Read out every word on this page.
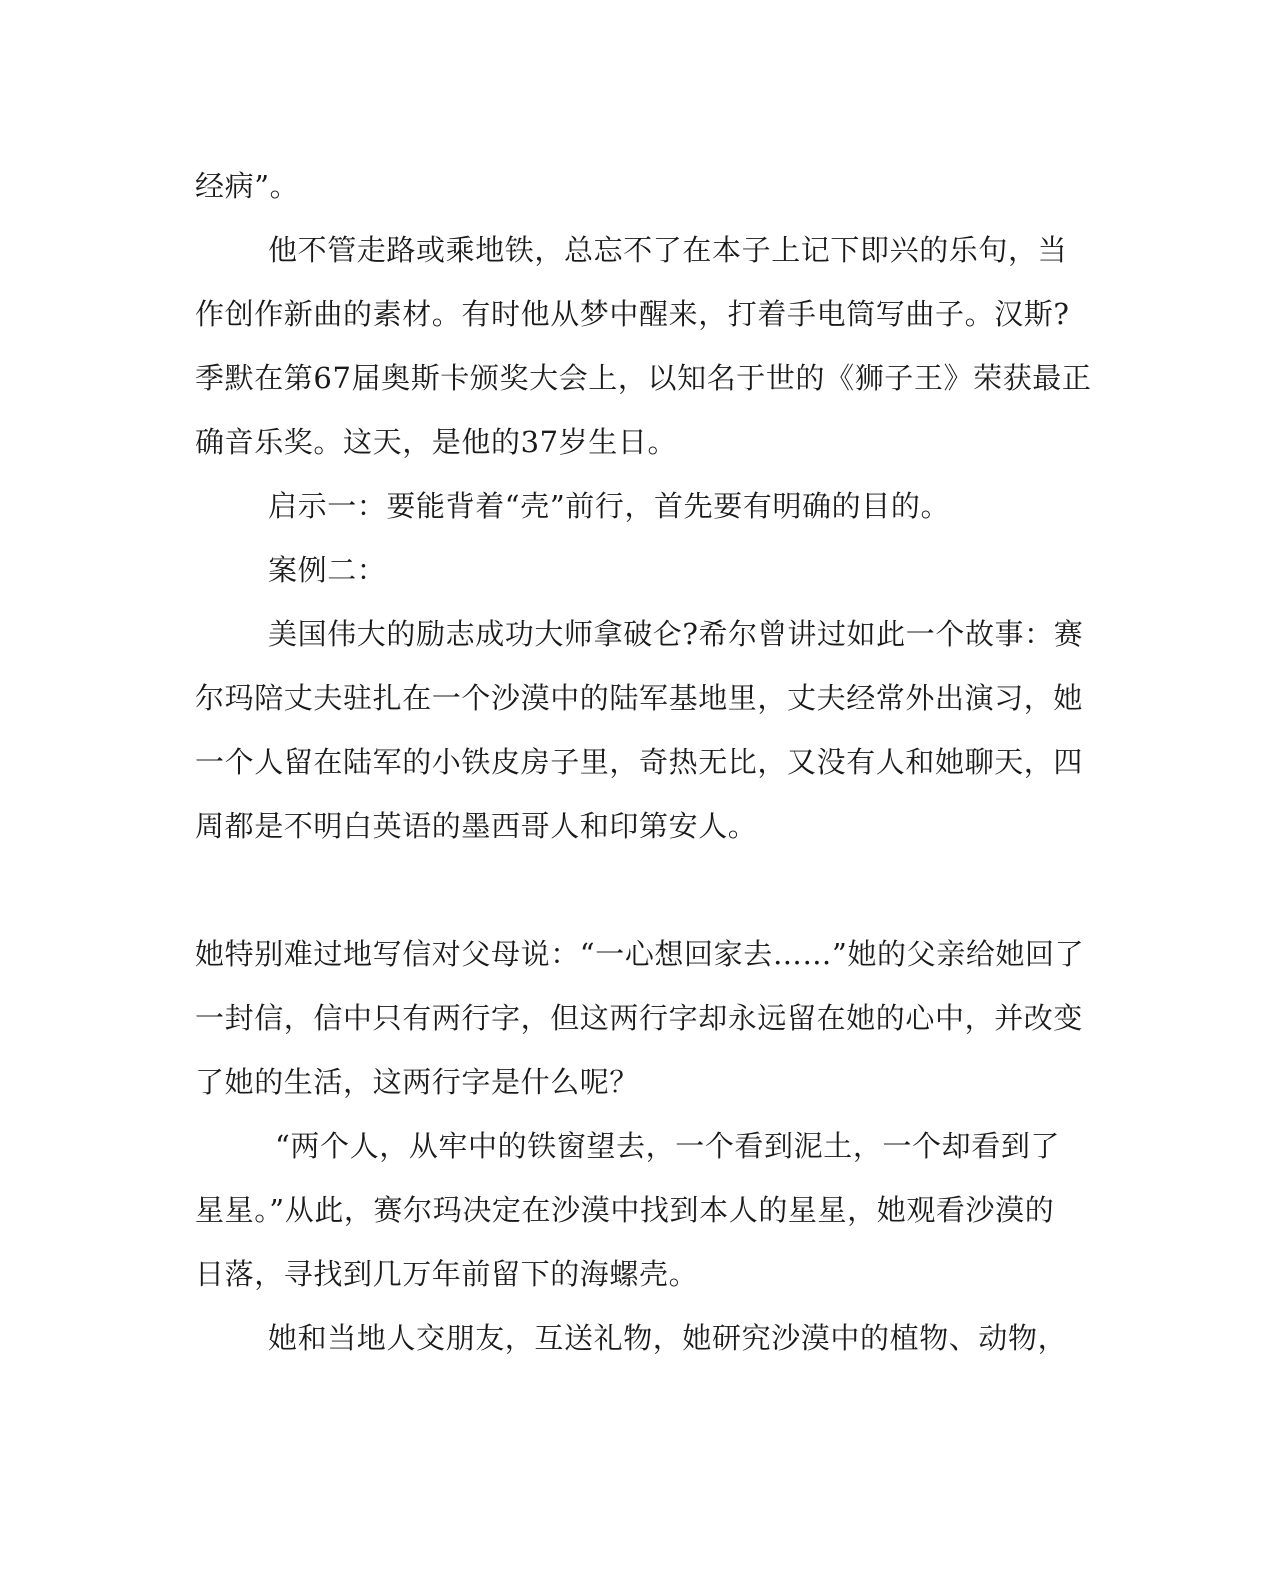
经病”。
他不管走路或乘地铁，总忘不了在本子上记下即兴的乐句，当
作创作新曲的素材。有时他从梦中醒来，打着手电筒写曲子。汉斯?
季默在第67届奥斯卡颁奖大会上，以知名于世的《狮子王》荣获最正
确音乐奖。这天，是他的37岁生日。
启示一：要能背着“壳”前行，首先要有明确的目的。
案例二：
美国伟大的励志成功大师拿破仑?希尔曾讲过如此一个故事：赛
尔玛陪丈夫驻扎在一个沙漠中的陆军基地里，丈夫经常外出演习，她
一个人留在陆军的小铁皮房子里，奇热无比，又没有人和她聊天，四
周都是不明白英语的墨西哥人和印第安人。
她特别难过地写信对父母说：“一心想回家去……”她的父亲给她回了
一封信，信中只有两行字，但这两行字却永远留在她的心中，并改变
了她的生活，这两行字是什么呢？
“两个人，从牢中的铁窗望去，一个看到泥土，一个却看到了
星星。”从此，赛尔玛决定在沙漠中找到本人的星星，她观看沙漠的
日落，寻找到几万年前留下的海螺壳。
她和当地人交朋友，互送礼物，她研究沙漠中的植物、动物，
